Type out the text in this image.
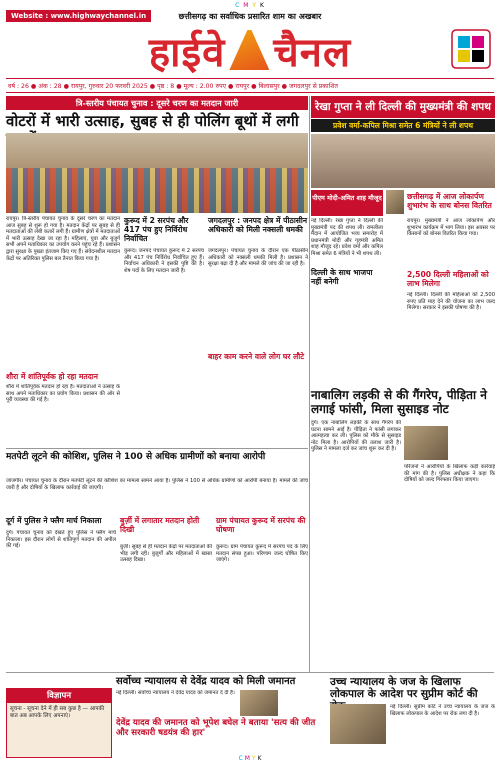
C M Y K
Website : www.highwaychannel.in	छत्तीसगढ़ का सर्वाधिक प्रसारित शाम का अखबार
हाईवे चैनल
वर्ष : 26 ● अंक : 28 ● रायपुर, गुरुवार 20 फरवरी 2025 ● पृष्ठ : 8 ● मूल्य : 2.00 रुपए ● रायपुर ● बिलासपुर ● जगदलपुर से प्रकाशित
त्रि-स्तरीय पंचायत चुनाव : दूसरे चरण का मतदान जारी
वोटरों में भारी उत्साह, सुबह से ही पोलिंग बूथों में लगी
रायपुर। त्रि-स्तरीय पंचायत चुनाव के दूसरे चरण का मतदान आज सुबह से शुरू हो गया है। मतदान केंद्रों पर सुबह से ही मतदाताओं की लंबी कतारें लगी हैं। ग्रामीण क्षेत्रों में मतदाताओं में भारी उत्साह देखा जा रहा है। महिलाएं, युवा और बुजुर्ग सभी अपने मताधिकार का उपयोग करने पहुंच रहे हैं। प्रशासन द्वारा सुरक्षा के पुख्ता इंतजाम किए गए हैं। संवेदनशील मतदान केंद्रों पर अतिरिक्त पुलिस बल तैनात किया गया है।
कुरूद में 2 सरपंच और 417 पंच हुए निर्विरोध निर्वाचित
कुरूद। जनपद पंचायत कुरूद में 2 सरपंच और 417 पंच निर्विरोध निर्वाचित हुए हैं। निर्वाचन अधिकारी ने इसकी पुष्टि की है। शेष पदों के लिए मतदान जारी है।
जगदलपुर : जनपद क्षेत्र में पीठासीन अधिकारी को मिली नक्सली धमकी
जगदलपुर। पंचायत चुनाव के दौरान एक पीठासीन अधिकारी को नक्सली धमकी मिली है। प्रशासन ने सुरक्षा बढ़ा दी है और मामले की जांच की जा रही है।
बाहर काम करने वाले लोग घर लौटे
शौरा में शांतिपूर्वक हो रहा मतदान
शौरा में शांतिपूर्वक मतदान हो रहा है। मतदाताओं ने उत्साह के साथ अपने मताधिकार का प्रयोग किया। प्रशासन की ओर से पूरी व्यवस्था की गई है।
रेखा गुप्ता ने ली दिल्ली की मुख्यमंत्री की शपथ
प्रवेश वर्मा-कपिल मिश्रा समेत 6 मंत्रियों ने ली शपथ
पीएम मोदी-अमित शाह मौजूद
नई दिल्ली। रेखा गुप्ता ने दिल्ली की मुख्यमंत्री पद की शपथ ली। रामलीला मैदान में आयोजित भव्य समारोह में प्रधानमंत्री मोदी और गृहमंत्री अमित शाह मौजूद रहे। प्रवेश वर्मा और कपिल मिश्रा समेत 6 मंत्रियों ने भी शपथ ली।
छत्तीसगढ़ में आज लोकार्पण शुभारंभ के साथ बोनस वितरित
रायपुर। मुख्यमंत्री ने आज लोकार्पण और शुभारंभ कार्यक्रम में भाग लिया। इस अवसर पर किसानों को बोनस वितरित किया गया।
2,500 दिल्ली महिलाओं को लाभ मिलेगा
नई दिल्ली। दिल्ली की महिलाओं को 2,500 रुपए प्रति माह देने की योजना का लाभ जल्द मिलेगा। सरकार ने इसकी घोषणा की है।
दिल्ली के साथ भाजपा नहीं बनेगी
नाबालिग लड़की से की गैंगरेप, पीड़िता ने लगाई फांसी, मिला सुसाइड नोट
दुर्ग। एक नाबालिग लड़की के साथ गैंगरेप की घटना सामने आई है। पीड़िता ने फांसी लगाकर आत्महत्या कर ली। पुलिस को मौके से सुसाइड नोट मिला है। आरोपियों की तलाश जारी है। पुलिस ने मामला दर्ज कर जांच शुरू कर दी है।
परिजनों ने आरोपियों के खिलाफ कड़ी कार्रवाई की मांग की है। पुलिस अधीक्षक ने कहा कि दोषियों को जल्द गिरफ्तार किया जाएगा।
मतपेटी लूटने की कोशिश, पुलिस ने 100 से अधिक ग्रामीणों को बनाया आरोपी
जांजगीर। पंचायत चुनाव के दौरान मतपेटी लूटने की कोशिश का मामला सामने आया है। पुलिस ने 100 से अधिक ग्रामीणों को आरोपी बनाया है। मामले की जांच जारी है और दोषियों के खिलाफ कार्रवाई की जाएगी।
दूर्ग में पुलिस ने फ्लैग मार्च निकाला
दुर्ग। पंचायत चुनाव को देखते हुए पुलिस ने फ्लैग मार्च निकाला। इस दौरान लोगों से शांतिपूर्ण मतदान की अपील की गई।
बुर्ज़ी में लगातार मतदान होती दिखी
बुर्ज़ी। सुबह से ही मतदान केंद्रों पर मतदाताओं की भीड़ लगी रही। बुजुर्गों और महिलाओं में खासा उत्साह दिखा।
ग्राम पंचायत कुरूद में सरपंच की घोषणा
कुरूद। ग्राम पंचायत कुरूद में सरपंच पद के लिए मतदान संपन्न हुआ। परिणाम जल्द घोषित किए जाएंगे।
विज्ञापन
सूचना - सूचना देने में ही सब कुछ है — आपकी बात अब आपके लिए अपनाएं।
सर्वोच्च न्यायालय से देवेंद्र यादव को मिली जमानत
नई दिल्ली। सर्वोच्च न्यायालय ने देवेंद्र यादव को जमानत दे दी है।
देवेंद्र यादव की जमानत को भूपेश बघेल ने बताया 'सत्य की जीत और सरकारी षडयंत्र की हार'
उच्च न्यायालय के जज के खिलाफ लोकपाल के आदेश पर सुप्रीम कोर्ट की
नई दिल्ली। सुप्रीम कोर्ट ने उच्च न्यायालय के जज के खिलाफ लोकपाल के आदेश पर रोक लगा दी है।
C M Y K
